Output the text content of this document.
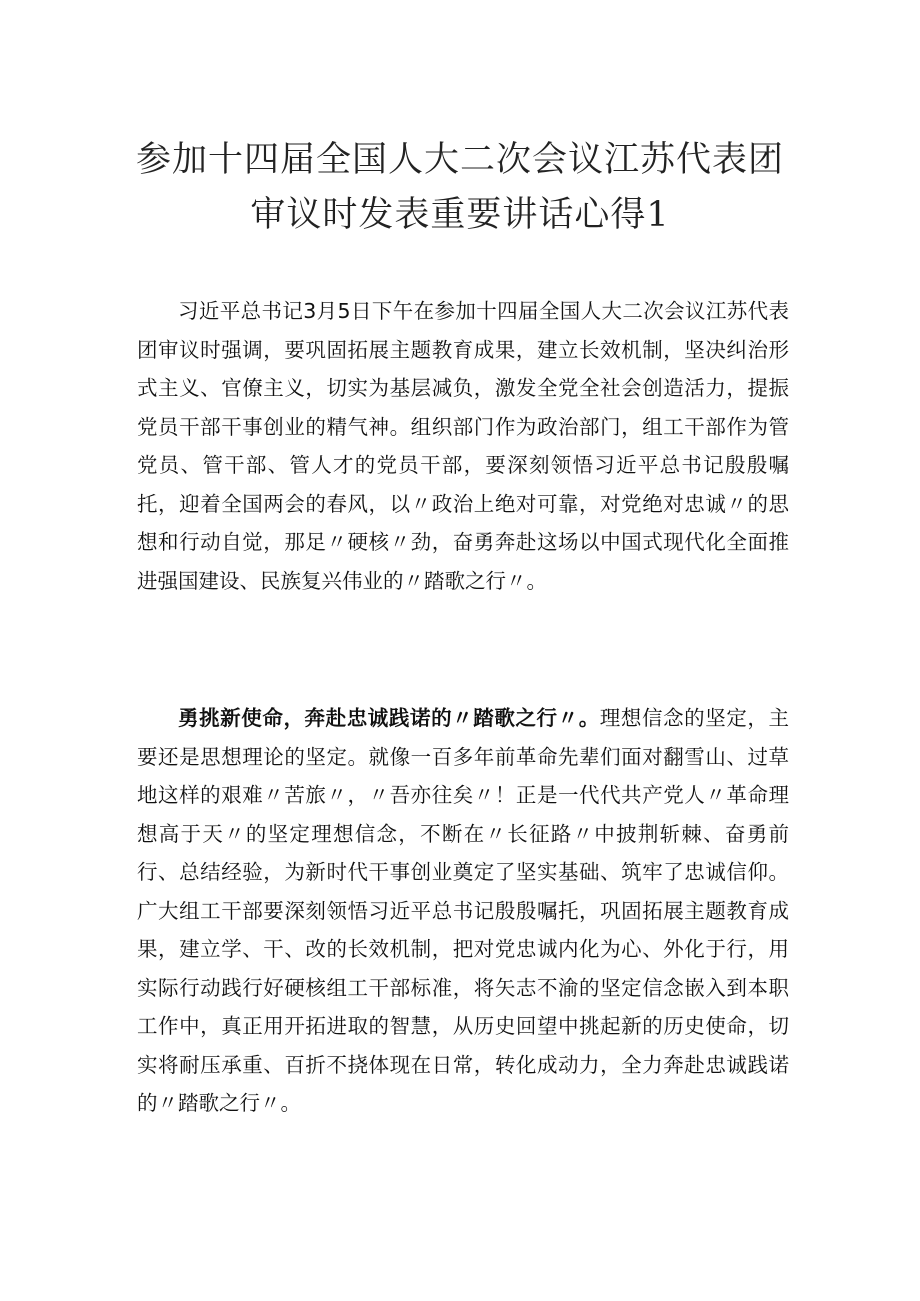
参加十四届全国人大二次会议江苏代表团
审议时发表重要讲话心得1

习近平总书记3月5日下午在参加十四届全国人大二次会议江苏代表团审议时强调，要巩固拓展主题教育成果，建立长效机制，坚决纠治形式主义、官僚主义，切实为基层减负，激发全党全社会创造活力，提振党员干部干事创业的精气神。组织部门作为政治部门，组工干部作为管党员、管干部、管人才的党员干部，要深刻领悟习近平总书记殷殷嘱托，迎着全国两会的春风，以〃政治上绝对可靠，对党绝对忠诚〃的思想和行动自觉，那足〃硬核〃劲，奋勇奔赴这场以中国式现代化全面推进强国建设、民族复兴伟业的〃踏歌之行〃。

勇挑新使命，奔赴忠诚践诺的〃踏歌之行〃。理想信念的坚定，主要还是思想理论的坚定。就像一百多年前革命先辈们面对翻雪山、过草地这样的艰难〃苦旅〃，〃吾亦往矣〃！正是一代代共产党人〃革命理想高于天〃的坚定理想信念，不断在〃长征路〃中披荆斩棘、奋勇前行、总结经验，为新时代干事创业奠定了坚实基础、筑牢了忠诚信仰。广大组工干部要深刻领悟习近平总书记殷殷嘱托，巩固拓展主题教育成果，建立学、干、改的长效机制，把对党忠诚内化为心、外化于行，用实际行动践行好硬核组工干部标准，将矢志不渝的坚定信念嵌入到本职工作中，真正用开拓进取的智慧，从历史回望中挑起新的历史使命，切实将耐压承重、百折不挠体现在日常，转化成动力，全力奔赴忠诚践诺的〃踏歌之行〃。
